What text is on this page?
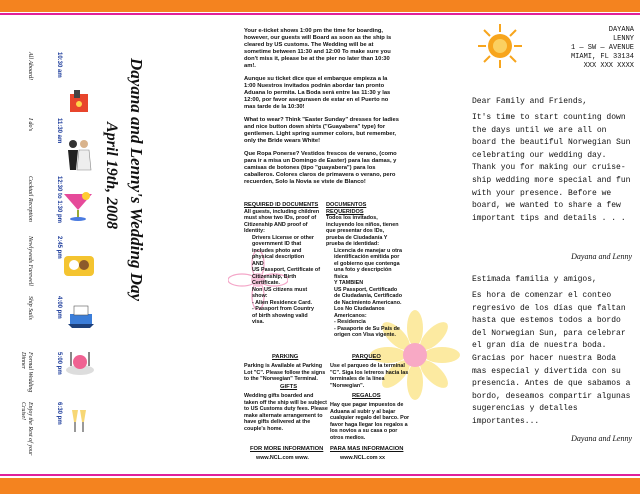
Dayana and Lenny's Wedding Day
April 19th, 2008
10:30 am
All Aboard!
11:30 am
I do's
12:30 to 1:30 pm
Cocktail Reception
2:45 pm
Newlyweds Farewell
4:00 pm
Ship Sails
5:00 pm
Formal Wedding Dinner
6:30 pm
Enjoy the Rest of your Cruise!

Your e-ticket shows 1:00 pm the time for boarding, however, our guests will Board as soon as the ship is cleared by US customs. The Wedding will be at sometime between 11:30 and 12:00 To make sure you don't miss it, please be at the pier no later than 10:30 am!.

Aunque su ticket dice que el embarque empieza a la 1:00 Nuestros invitados podrán abordar tan pronto Aduana lo permita. La Boda será entre las 11:30 y las 12:00, por favor asegurasen de estar en el Puerto no mas tarde de la 10:30!

What to wear? Think "Easter Sunday" dresses for ladies and nice button down shirts ("Guayabera" type) for gentlemen. Light spring summer colors, but remember, only the Bride wears White!

Que Ropa Ponerse? Vestidos frescos de verano, (como para ir a misa un Domingo de Easter) para las damas, y camisas de botones (tipo "guayabera") para los caballeros. Colores claros de primavera o verano, pero recuerden, Solo la Novia se viste de Blanco!

REQUIRED ID DOCUMENTS
All guests, including children must show two IDs, proof of Citizenship AND proof of Identity:
Drivers License or other government ID that includes photo and physical description
AND
US Passport, Certificate of Citizenship, Birth Certificate.
Non US citizens must show:
- Alien Residence Card.
- Passport from Country of birth showing valid visa.
DOCUMENTOS REQUERIDOS
Todos los invitados, incluyendo los niños, tienen que presentar dos IDs, prueba de Ciudadanía Y prueba de identidad:
Licencia de manejar u otra identificación emitida por el gobierno que contenga una foto y descripción física
Y TAMBIEN
US Passport, Certificado de Ciudadanía, Certificado de Nacimiento Americano.
Los No Ciudadanos Americanos:
- Residencia
- Pasaporte de Su País de origen con Visa vigente.
PARKING
Parking is Available at Parking Lot "C". Please follow the signs to the "Norwegian" Terminal.
GIFTS
Wedding gifts boarded and taken off the ship will be subject to US Customs duty fees. Please make alternate arrangement to have gifts delivered at the couple's home.
FOR MORE INFORMATION
www.NCL.com www.
PARQUEO
Use el parqueo de la terminal "C". Siga los letreros hacia las terminales de la línea "Norwegian".
REGALOS
Hay que pagar impuestos de Aduana al subir y al bajar cualquier regalo del barco. Por favor haga llegar los regalos a los novios a su casa o por otros medios.
PARA MAS INFORMACION
www.NCL.com xx
DAYANA
LENNY
1 — SW — AVENUE
MIAMI, FL 33134
XXX XXX XXXX
Dear Family and Friends,
It's time to start counting down the days until we are all on board the beautiful Norwegian Sun celebrating our wedding day. Thank you for making our cruise-ship wedding more special and fun with your presence. Before we board, we wanted to share a few important tips and details . . .
Dayana and Lenny
Estimada familia y amigos,
Es hora de comenzar el conteo regresivo de los días que faltan hasta que estemos todos a bordo del Norwegian Sun, para celebrar el gran día de nuestra boda. Gracias por hacer nuestra Boda mas especial y divertida con su presencia. Antes de que sabamos a bordo, deseamos compartir algunas sugerencias y detalles importantes...
Dayana and Lenny
